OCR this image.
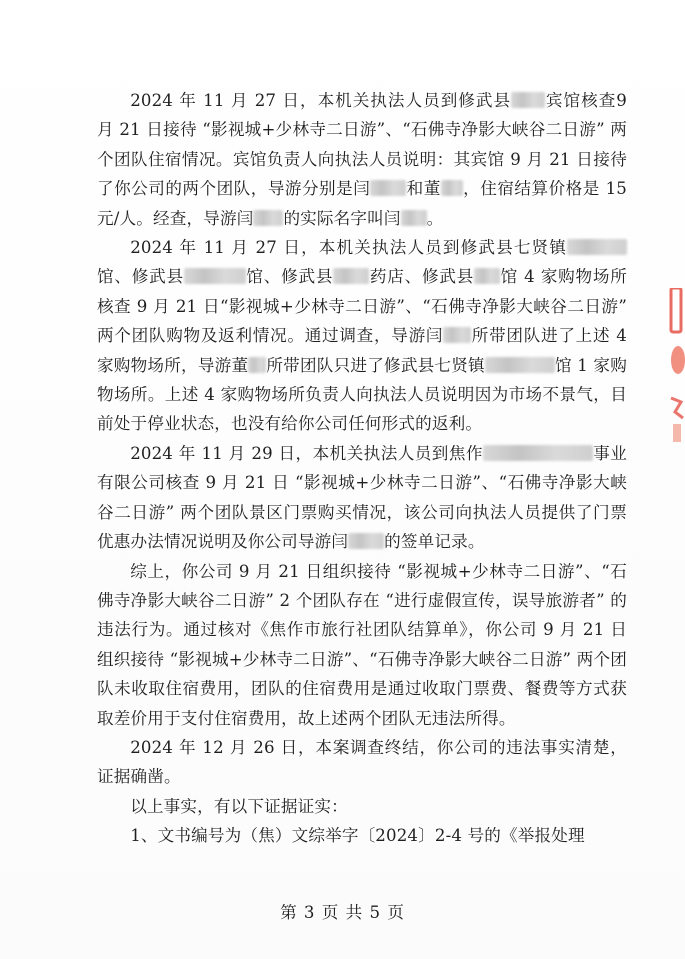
2024 年 11 月 27 日，本机关执法人员到修武县 宾馆核查9 月 21 日接待 “影视城+少林寺二日游”、“石佛寺净影大峡谷二日游” 两个团队住宿情况。宾馆负责人向执法人员说明：其宾馆 9 月 21 日接待了你公司的两个团队，导游分别是闫 和董 ，住宿结算价格是 15 元/人。经查，导游闫 的实际名字叫闫 。

2024 年 11 月 27 日，本机关执法人员到修武县七贤镇馆、修武县	馆、修武县 药店、修武县 馆 4 家购物场所核查 9 月 21 日“影视城+少林寺二日游”、“石佛寺净影大峡谷二日游” 两个团队购物及返利情况。通过调查，导游闫 所带团队进了上述 4 家购物场所，导游董 所带团队只进了修武县七贤镇	馆 1 家购物场所。上述 4 家购物场所负责人向执法人员说明因为市场不景气，目前处于停业状态，也没有给你公司任何形式的返利。

2024 年 11 月 29 日，本机关执法人员到焦作	事业有限公司核查 9 月 21 日 “影视城+少林寺二日游”、“石佛寺净影大峡谷二日游” 两个团队景区门票购买情况，该公司向执法人员提供了门票优惠办法情况说明及你公司导游闫 的签单记录。

综上，你公司 9 月 21 日组织接待 “影视城+少林寺二日游”、“石佛寺净影大峡谷二日游” 2 个团队存在 “进行虚假宣传，误导旅游者” 的违法行为。通过核对《焦作市旅行社团队结算单》，你公司 9 月 21 日组织接待 “影视城+少林寺二日游”、“石佛寺净影大峡谷二日游” 两个团队未收取住宿费用，团队的住宿费用是通过收取门票费、餐费等方式获取差价用于支付住宿费用，故上述两个团队无违法所得。

2024 年 12 月 26 日，本案调查终结，你公司的违法事实清楚，证据确凿。

以上事实，有以下证据证实：

1、文书编号为（焦）文综举字〔2024〕2-4 号的《举报处理

第 3 页 共 5 页
